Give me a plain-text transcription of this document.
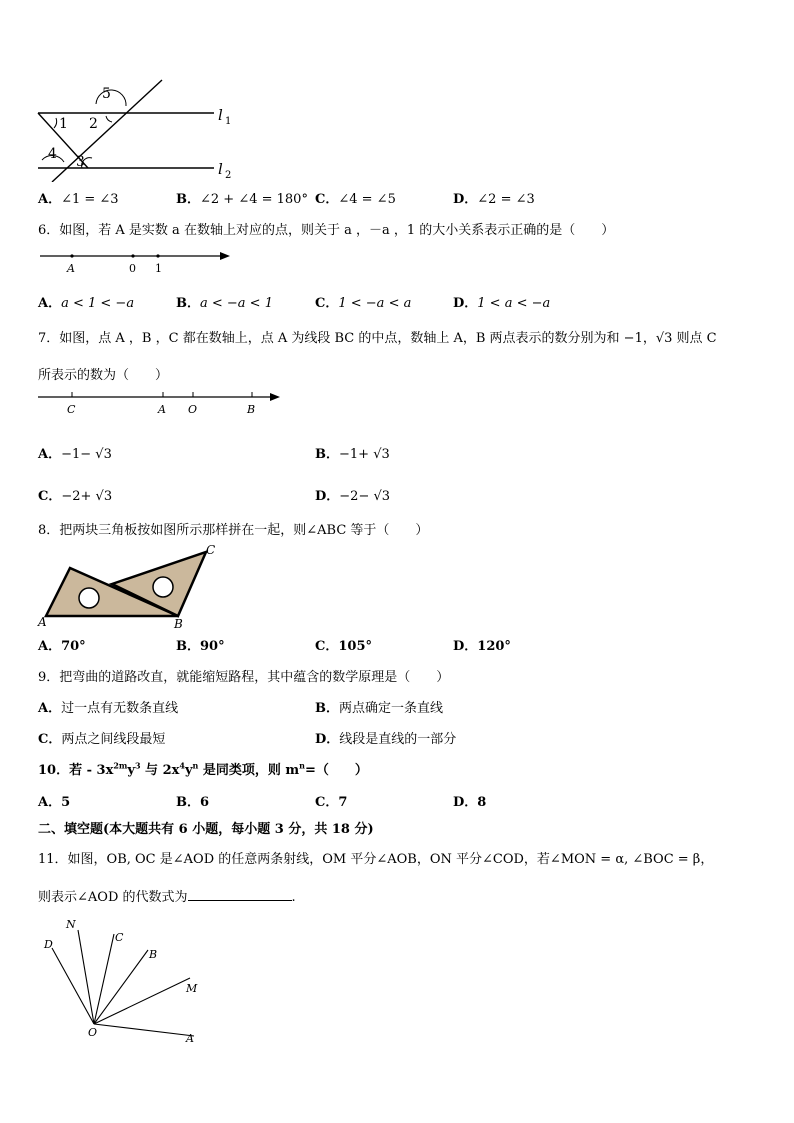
5
1 2
4 3
l 1
l 2
A．∠1 = ∠3	B．∠2 + ∠4 = 180° C．∠4 = ∠5	D．∠2 = ∠3
6．如图，若 A 是实数 a 在数轴上对应的点，则关于 a ，－a ，1 的大小关系表示正确的是（　　）
A	0 1
A．a < 1 < −a	B．a < −a < 1	C．1 < −a < a	D．1 < a < −a
7．如图，点 A ，B ，C 都在数轴上，点 A 为线段 BC 的中点，数轴上 A，B 两点表示的数分别为和 −1，√3 则点 C
所表示的数为（　　）
C	A O	B
A．−1− √3	B．−1+ √3
C．−2+ √3	D．−2− √3
8．把两块三角板按如图所示那样拼在一起，则∠ABC 等于（　　）
A	B
C
A．70°	B．90°	C．105°	D．120°
9．把弯曲的道路改直，就能缩短路程，其中蕴含的数学原理是（　　）
A．过一点有无数条直线	B．两点确定一条直线
C．两点之间线段最短	D．线段是直线的一部分
10．若 - $3x^{2m}y^3$ 与 $2x^4y^n$ 是同类项，则 $m^n=$（　　）
A．5	B．6	C．7	D．8
二、填空题(本大题共有 6 小题，每小题 3 分，共 18 分)
11．如图，OB, OC 是∠AOD 的任意两条射线，OM 平分∠AOB，ON 平分∠COD，若∠MON = α, ∠BOC = β，
则表示∠AOD 的代数式为	.
D
N
C
B
M
O	A
